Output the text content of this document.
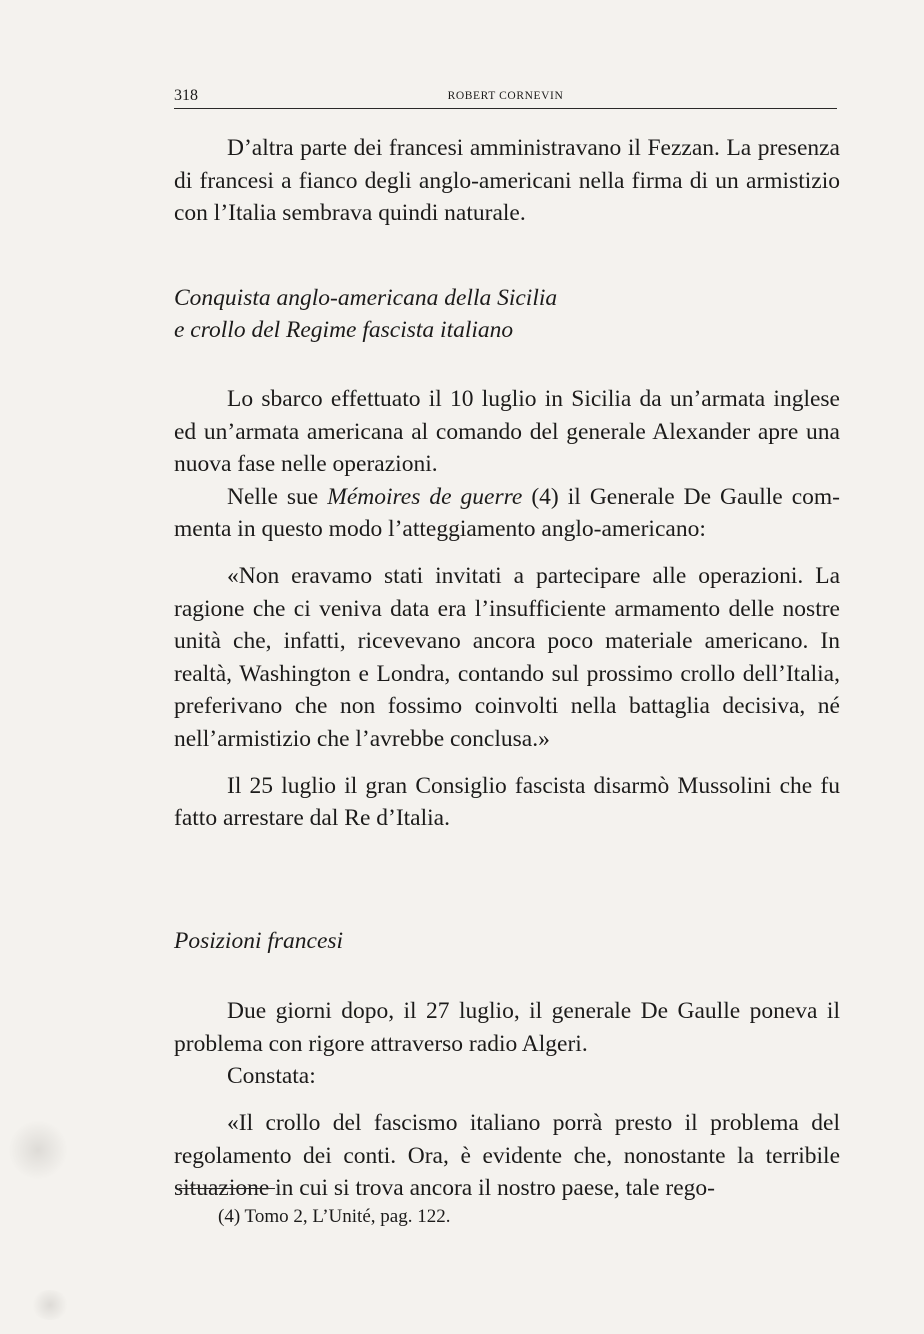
318	ROBERT CORNEVIN

D’altra parte dei francesi amministravano il Fezzan. La presenza di francesi a fianco degli anglo-americani nella firma di un armistizio con l’Italia sembrava quindi naturale.

Conquista anglo-americana della Sicilia
e crollo del Regime fascista italiano

Lo sbarco effettuato il 10 luglio in Sicilia da un’armata inglese ed un’armata americana al comando del generale Alexander apre una nuova fase nelle operazioni.

Nelle sue Mémoires de guerre (4) il Generale De Gaulle commenta in questo modo l’atteggiamento anglo-americano:

«Non eravamo stati invitati a partecipare alle operazioni. La ragione che ci veniva data era l’insufficiente armamento delle nostre unità che, infatti, ricevevano ancora poco materiale americano. In realtà, Washington e Londra, contando sul prossimo crollo dell’Italia, preferivano che non fossimo coinvolti nella battaglia decisiva, né nell’armistizio che l’avrebbe conclusa.»

Il 25 luglio il gran Consiglio fascista disarmò Mussolini che fu fatto arrestare dal Re d’Italia.

Posizioni francesi

Due giorni dopo, il 27 luglio, il generale De Gaulle poneva il problema con rigore attraverso radio Algeri.

Constata:

«Il crollo del fascismo italiano porrà presto il problema del regolamento dei conti. Ora, è evidente che, nonostante la terribile situazione in cui si trova ancora il nostro paese, tale rego-

(4) Tomo 2, L’Unité, pag. 122.
